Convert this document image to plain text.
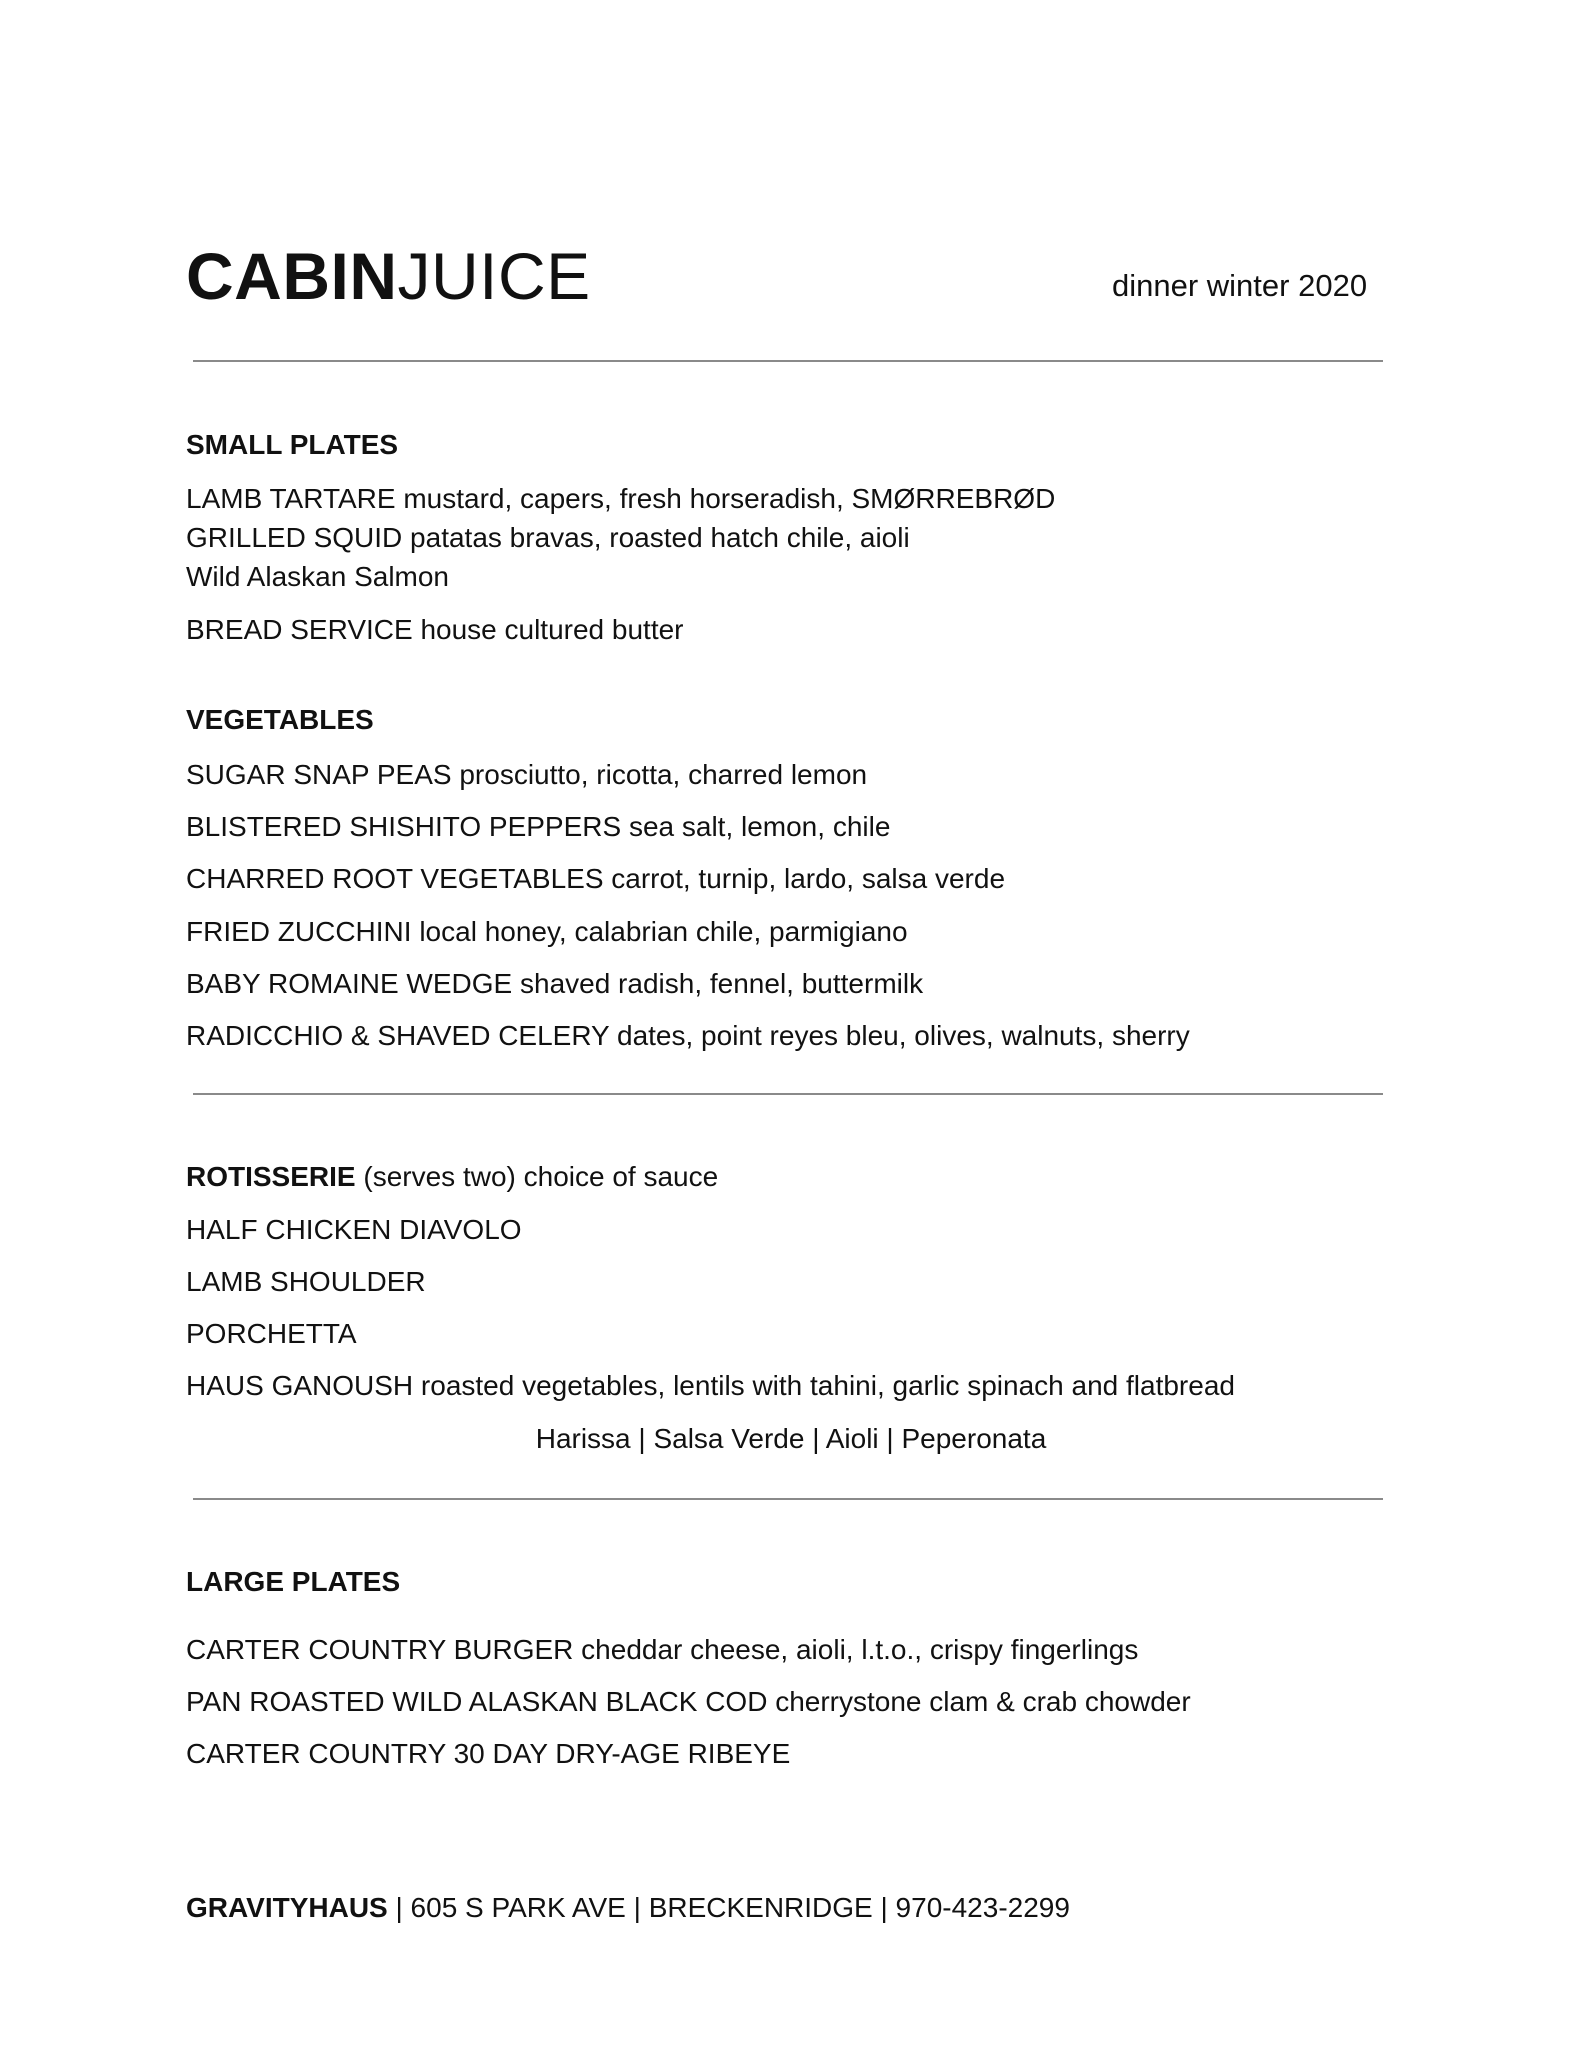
CABINJUICE	dinner winter 2020
SMALL PLATES
LAMB TARTARE mustard, capers, fresh horseradish, SMØRREBRØD
GRILLED SQUID patatas bravas, roasted hatch chile, aioli
Wild Alaskan Salmon
BREAD SERVICE house cultured butter
VEGETABLES
SUGAR SNAP PEAS prosciutto, ricotta, charred lemon
BLISTERED SHISHITO PEPPERS sea salt, lemon, chile
CHARRED ROOT VEGETABLES carrot, turnip, lardo, salsa verde
FRIED ZUCCHINI local honey, calabrian chile, parmigiano
BABY ROMAINE WEDGE shaved radish, fennel, buttermilk
RADICCHIO & SHAVED CELERY dates, point reyes bleu, olives, walnuts, sherry
ROTISSERIE (serves two) choice of sauce
HALF CHICKEN DIAVOLO
LAMB SHOULDER
PORCHETTA
HAUS GANOUSH roasted vegetables, lentils with tahini, garlic spinach and flatbread
Harissa | Salsa Verde | Aioli | Peperonata
LARGE PLATES
CARTER COUNTRY BURGER cheddar cheese, aioli, l.t.o., crispy fingerlings
PAN ROASTED WILD ALASKAN BLACK COD cherrystone clam & crab chowder
CARTER COUNTRY 30 DAY DRY-AGE RIBEYE
GRAVITYHAUS | 605 S PARK AVE | BRECKENRIDGE | 970-423-2299
